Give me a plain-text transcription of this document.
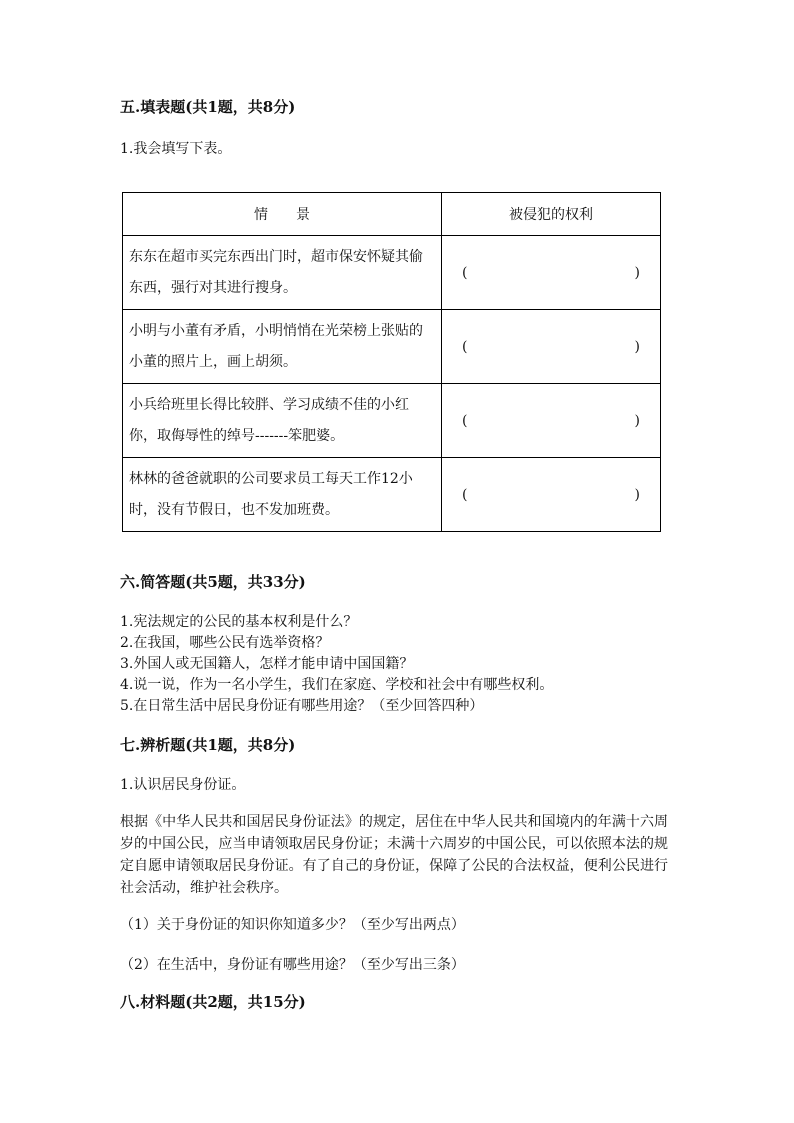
五.填表题(共1题，共8分)
1.我会填写下表。
情　　景	被侵犯的权利
东东在超市买完东西出门时，超市保安怀疑其偷东西，强行对其进行搜身。	( )

小明与小董有矛盾，小明悄悄在光荣榜上张贴的小董的照片上，画上胡须。	( )

小兵给班里长得比较胖、学习成绩不佳的小红你，取侮辱性的绰号-------笨肥婆。	( )

林林的爸爸就职的公司要求员工每天工作12小时，没有节假日，也不发加班费。	( )
六.简答题(共5题，共33分)
1.宪法规定的公民的基本权利是什么？
2.在我国，哪些公民有选举资格？
3.外国人或无国籍人，怎样才能申请中国国籍？
4.说一说，作为一名小学生，我们在家庭、学校和社会中有哪些权利。
5.在日常生活中居民身份证有哪些用途？（至少回答四种）
七.辨析题(共1题，共8分)
1.认识居民身份证。
根据《中华人民共和国居民身份证法》的规定，居住在中华人民共和国境内的年满十六周岁的中国公民，应当申请领取居民身份证；未满十六周岁的中国公民，可以依照本法的规定自愿申请领取居民身份证。有了自己的身份证，保障了公民的合法权益，便利公民进行社会活动，维护社会秩序。
（1）关于身份证的知识你知道多少？（至少写出两点）
（2）在生活中，身份证有哪些用途？（至少写出三条）
八.材料题(共2题，共15分)
